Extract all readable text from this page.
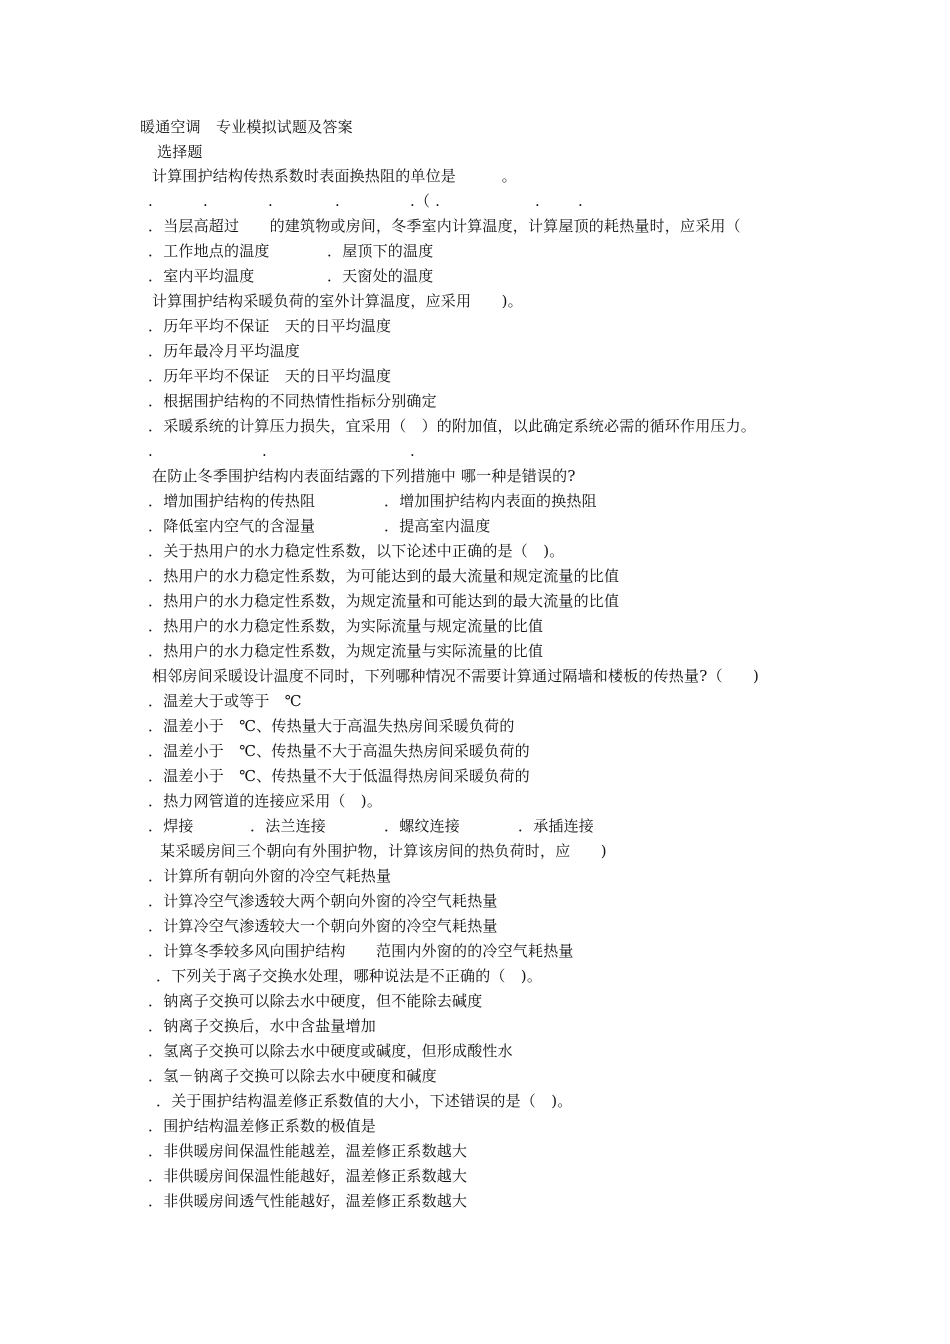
暖通空调　专业模拟试题及答案

选择题

计算围护结构传热系数时表面换热阻的单位是　　　。
.	.	.	.	.（ .	.	.
．当层高超过　　的建筑物或房间，冬季室内计算温度，计算屋顶的耗热量时，应采用（
．工作地点的温度	．屋顶下的温度
．室内平均温度	．天窗处的温度
计算围护结构采暖负荷的室外计算温度，应采用　　)。
．历年平均不保证　天的日平均温度
．历年最冷月平均温度
．历年平均不保证　天的日平均温度
．根据围护结构的不同热情性指标分别确定
．采暖系统的计算压力损失，宜采用（　）的附加值，以此确定系统必需的循环作用压力。
.	.	.
在防止冬季围护结构内表面结露的下列措施中 哪一种是错误的?
．增加围护结构的传热阻	．增加围护结构内表面的换热阻
．降低室内空气的含湿量	．提高室内温度
．关于热用户的水力稳定性系数，以下论述中正确的是（　)。
．热用户的水力稳定性系数，为可能达到的最大流量和规定流量的比值
．热用户的水力稳定性系数，为规定流量和可能达到的最大流量的比值
．热用户的水力稳定性系数，为实际流量与规定流量的比值
．热用户的水力稳定性系数，为规定流量与实际流量的比值
相邻房间采暖设计温度不同时，下列哪种情况不需要计算通过隔墙和楼板的传热量?（　　)
．温差大于或等于　℃
．温差小于　℃、传热量大于高温失热房间采暖负荷的
．温差小于　℃、传热量不大于高温失热房间采暖负荷的
．温差小于　℃、传热量不大于低温得热房间采暖负荷的
．热力网管道的连接应采用（　)。
．焊接	．法兰连接	．螺纹连接	．承插连接
某采暖房间三个朝向有外围护物，计算该房间的热负荷时，应　　)
．计算所有朝向外窗的冷空气耗热量
．计算冷空气渗透较大两个朝向外窗的冷空气耗热量
．计算冷空气渗透较大一个朝向外窗的冷空气耗热量
．计算冬季较多风向围护结构　　范围内外窗的的冷空气耗热量
．下列关于离子交换水处理，哪种说法是不正确的（　)。
．钠离子交换可以除去水中硬度，但不能除去碱度
．钠离子交换后，水中含盐量增加
．氢离子交换可以除去水中硬度或碱度，但形成酸性水
．氢－钠离子交换可以除去水中硬度和碱度
．关于围护结构温差修正系数值的大小，下述错误的是（　)。
．围护结构温差修正系数的极值是
．非供暖房间保温性能越差，温差修正系数越大
．非供暖房间保温性能越好，温差修正系数越大
．非供暖房间透气性能越好，温差修正系数越大
